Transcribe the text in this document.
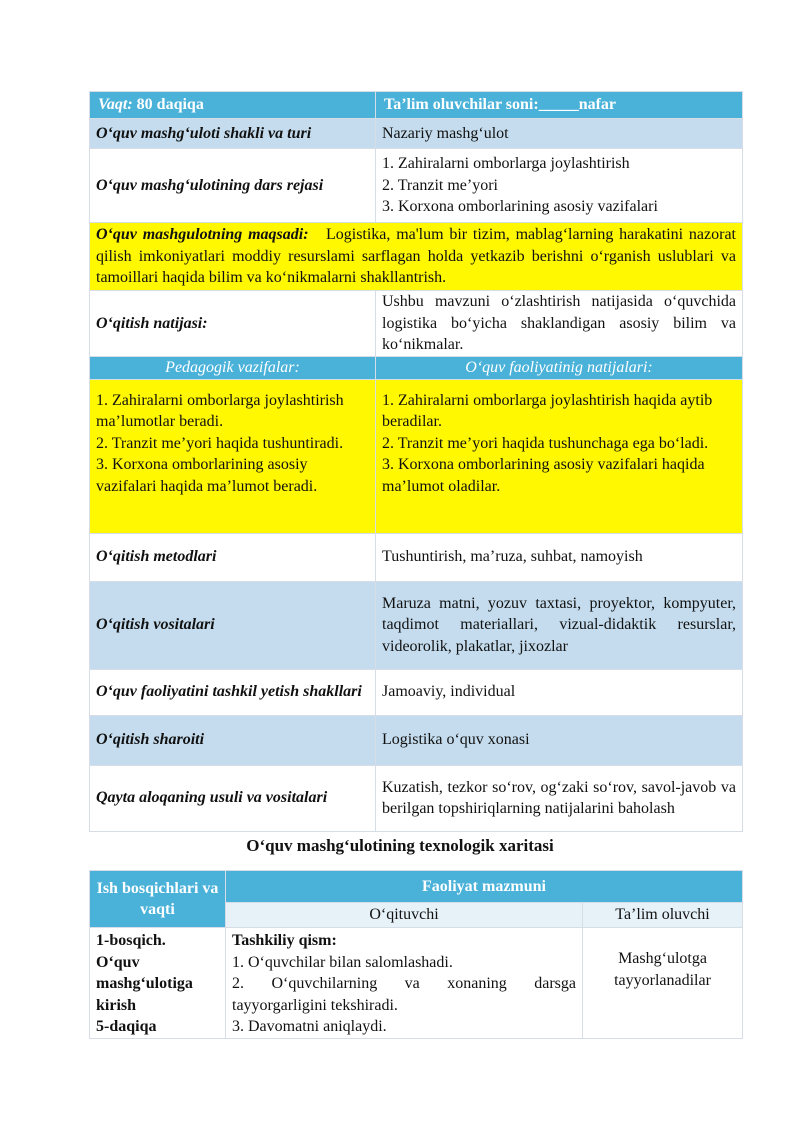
Vaqt: 80 daqiqa	Ta’lim oluvchilar soni:_____nafar
O‘quv mashg‘uloti shakli va turi	Nazariy mashg‘ulot
O‘quv mashg‘ulotining dars rejasi	1. Zahiralarni omborlarga joylashtirish
2. Tranzit me’yori
3. Korxona omborlarining asosiy vazifalari

O‘quv mashgulotning maqsadi: Logistika, ma'lum bir tizim, mablag‘larning harakatini nazorat qilish imkoniyatlari moddiy resurslami sarflagan holda yetkazib berishni o‘rganish uslublari va tamoillari haqida bilim va ko‘nikmalarni shakllantrish.	
O‘qitish natijasi:	Ushbu mavzuni o‘zlashtirish natijasida o‘quvchida logistika bo‘yicha shaklandigan asosiy bilim va ko‘nikmalar.
Pedagogik vazifalar:	O‘quv faoliyatinig natijalari:

1. Zahiralarni omborlarga joylashtirish ma’lumotlar beradi.
2. Tranzit me’yori haqida tushuntiradi.
3. Korxona omborlarining asosiy vazifalari haqida ma’lumot beradi.	1. Zahiralarni omborlarga joylashtirish haqida aytib beradilar.
2. Tranzit me’yori haqida tushunchaga ega bo‘ladi.
3. Korxona omborlarining asosiy vazifalari haqida ma’lumot oladilar.

O‘qitish metodlari	Tushuntirish, ma’ruza, suhbat, namoyish
O‘qitish vositalari	Maruza matni, yozuv taxtasi, proyektor, kompyuter, taqdimot materiallari, vizual-didaktik resurslar, videorolik, plakatlar, jixozlar
O‘quv faoliyatini tashkil yetish shakllari	Jamoaviy, individual
O‘qitish sharoiti	Logistika o‘quv xonasi
Qayta aloqaning usuli va vositalari	Kuzatish, tezkor so‘rov, og‘zaki so‘rov, savol-javob va berilgan topshiriqlarning natijalarini baholash
O‘quv mashg‘ulotining texnologik xaritasi
Ish bosqichlari va vaqti	Faoliyat mazmuni	
	O‘qituvchi	Ta’lim oluvchi

1-bosqich.
O‘quv
mashg‘ulotiga
kirish
5-daqiqa	Tashkiliy qism:
1. O‘quvchilar bilan salomlashadi.
2. O‘quvchilarning va xonaning darsga tayyorgarligini tekshiradi.
3. Davomatni aniqlaydi.	Mashg‘ulotga tayyorlanadilar
